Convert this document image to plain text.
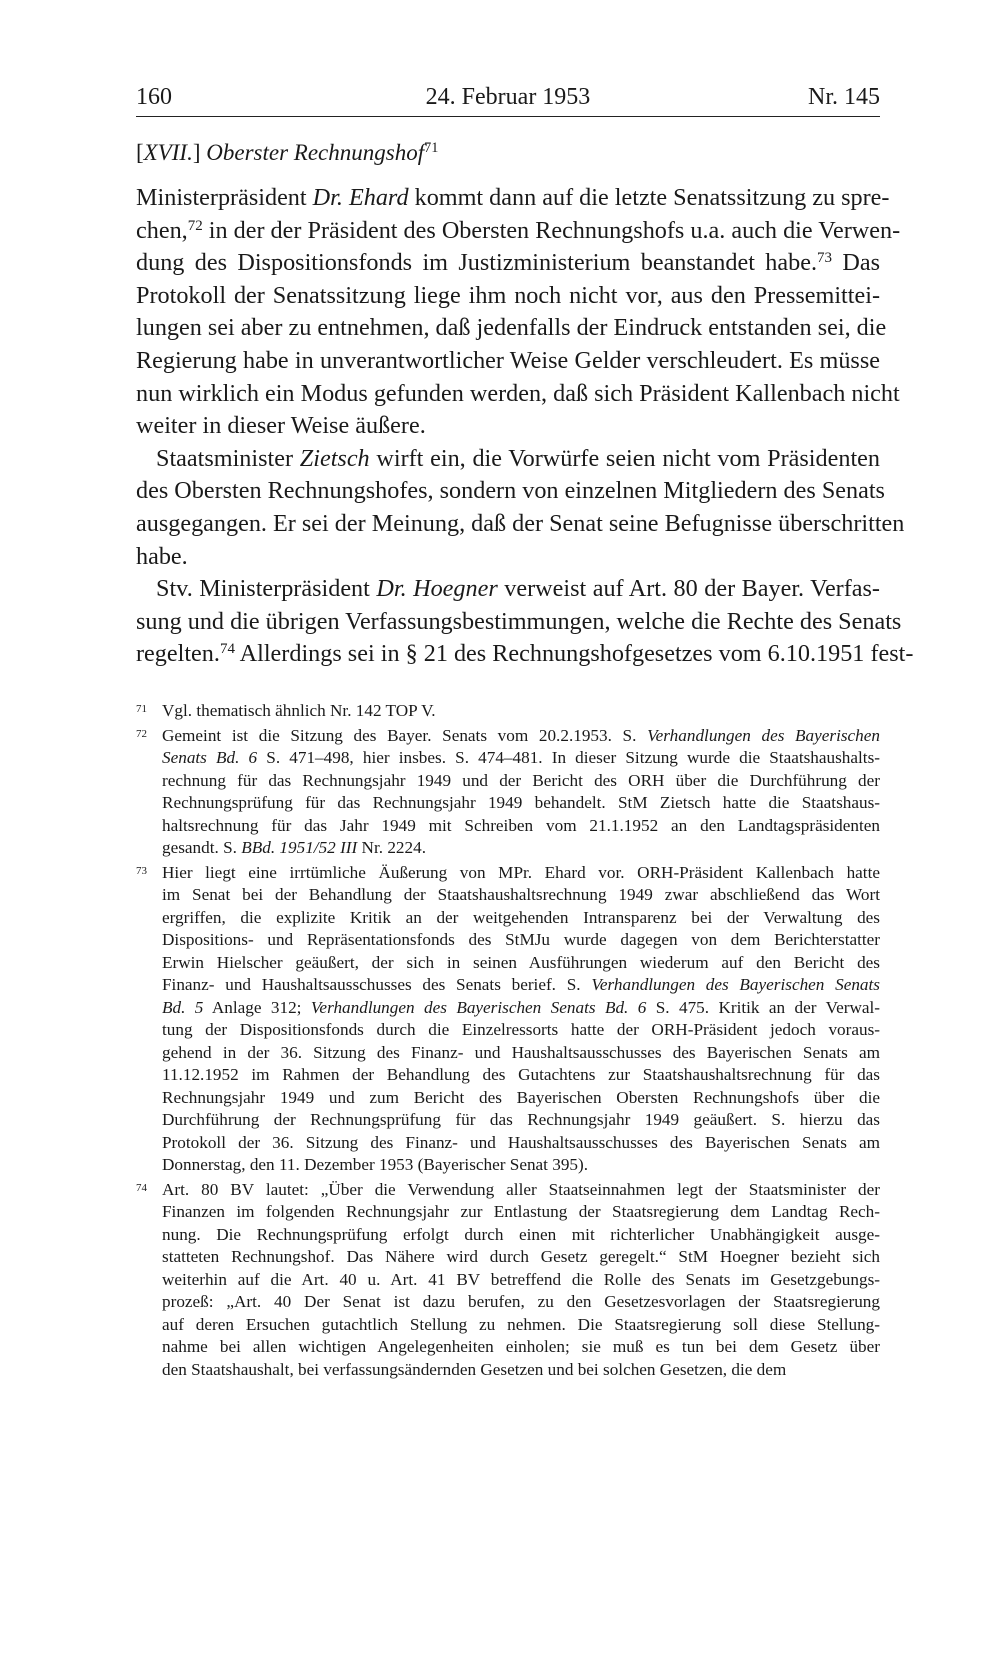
160	24. Februar 1953	Nr. 145
[XVII.] Oberster Rechnungshof$^{71}$

Ministerpräsident Dr. Ehard kommt dann auf die letzte Senatssitzung zu spre-
chen,$^{72}$ in der der Präsident des Obersten Rechnungshofs u.a. auch die Verwen-
dung des Dispositionsfonds im Justizministerium beanstandet habe.$^{73}$ Das
Protokoll der Senatssitzung liege ihm noch nicht vor, aus den Pressemittei-
lungen sei aber zu entnehmen, daß jedenfalls der Eindruck entstanden sei, die
Regierung habe in unverantwortlicher Weise Gelder verschleudert. Es müsse
nun wirklich ein Modus gefunden werden, daß sich Präsident Kallenbach nicht
weiter in dieser Weise äußere.

Staatsminister Zietsch wirft ein, die Vorwürfe seien nicht vom Präsidenten
des Obersten Rechnungshofes, sondern von einzelnen Mitgliedern des Senats
ausgegangen. Er sei der Meinung, daß der Senat seine Befugnisse überschritten
habe.

Stv. Ministerpräsident Dr. Hoegner verweist auf Art. 80 der Bayer. Verfas-
sung und die übrigen Verfassungsbestimmungen, welche die Rechte des Senats
regelten.$^{74}$ Allerdings sei in § 21 des Rechnungshofgesetzes vom 6.10.1951 fest-

71 Vgl. thematisch ähnlich Nr. 142 TOP V.
72 Gemeint ist die Sitzung des Bayer. Senats vom 20.2.1953. S. Verhandlungen des Bayerischen
Senats Bd. 6 S. 471–498, hier insbes. S. 474–481. In dieser Sitzung wurde die Staatshaushalts-
rechnung für das Rechnungsjahr 1949 und der Bericht des ORH über die Durchführung der
Rechnungsprüfung für das Rechnungsjahr 1949 behandelt. StM Zietsch hatte die Staatshaus-
haltsrechnung für das Jahr 1949 mit Schreiben vom 21.1.1952 an den Landtagspräsidenten
gesandt. S. BBd. 1951/52 III Nr. 2224.
73 Hier liegt eine irrtümliche Äußerung von MPr. Ehard vor. ORH-Präsident Kallenbach hatte
im Senat bei der Behandlung der Staatshaushaltsrechnung 1949 zwar abschließend das Wort
ergriffen, die explizite Kritik an der weitgehenden Intransparenz bei der Verwaltung des
Dispositions- und Repräsentationsfonds des StMJu wurde dagegen von dem Berichterstatter
Erwin Hielscher geäußert, der sich in seinen Ausführungen wiederum auf den Bericht des
Finanz- und Haushaltsausschusses des Senats berief. S. Verhandlungen des Bayerischen Senats
Bd. 5 Anlage 312; Verhandlungen des Bayerischen Senats Bd. 6 S. 475. Kritik an der Verwal-
tung der Dispositionsfonds durch die Einzelressorts hatte der ORH-Präsident jedoch voraus-
gehend in der 36. Sitzung des Finanz- und Haushaltsausschusses des Bayerischen Senats am
11.12.1952 im Rahmen der Behandlung des Gutachtens zur Staatshaushaltsrechnung für das
Rechnungsjahr 1949 und zum Bericht des Bayerischen Obersten Rechnungshofs über die
Durchführung der Rechnungsprüfung für das Rechnungsjahr 1949 geäußert. S. hierzu das
Protokoll der 36. Sitzung des Finanz- und Haushaltsausschusses des Bayerischen Senats am
Donnerstag, den 11. Dezember 1953 (Bayerischer Senat 395).
74 Art. 80 BV lautet: „Über die Verwendung aller Staatseinnahmen legt der Staatsminister der
Finanzen im folgenden Rechnungsjahr zur Entlastung der Staatsregierung dem Landtag Rech-
nung. Die Rechnungsprüfung erfolgt durch einen mit richterlicher Unabhängigkeit ausge-
statteten Rechnungshof. Das Nähere wird durch Gesetz geregelt.“ StM Hoegner bezieht sich
weiterhin auf die Art. 40 u. Art. 41 BV betreffend die Rolle des Senats im Gesetzgebungs-
prozeß: „Art. 40 Der Senat ist dazu berufen, zu den Gesetzesvorlagen der Staatsregierung
auf deren Ersuchen gutachtlich Stellung zu nehmen. Die Staatsregierung soll diese Stellung-
nahme bei allen wichtigen Angelegenheiten einholen; sie muß es tun bei dem Gesetz über
den Staatshaushalt, bei verfassungsändernden Gesetzen und bei solchen Gesetzen, die dem
